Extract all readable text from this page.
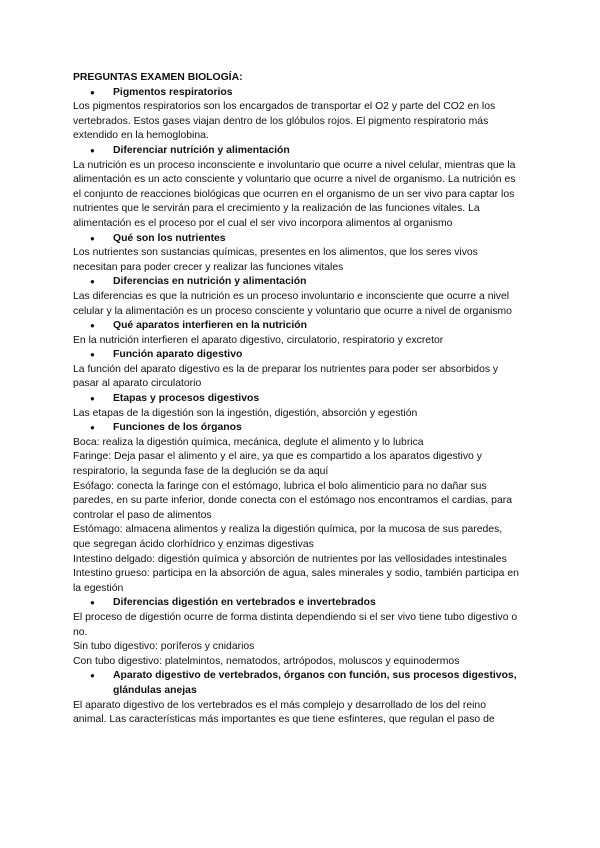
PREGUNTAS EXAMEN BIOLOGÍA:

● Pigmentos respiratorios

Los pigmentos respiratorios son los encargados de transportar el O2 y parte del CO2 en los vertebrados. Estos gases viajan dentro de los glóbulos rojos. El pigmento respiratorio más extendido en la hemoglobina.

● Diferenciar nutrición y alimentación

La nutrición es un proceso inconsciente e involuntario que ocurre a nivel celular, mientras que la alimentación es un acto consciente y voluntario que ocurre a nivel de organismo. La nutrición es el conjunto de reacciones biológicas que ocurren en el organismo de un ser vivo para captar los nutrientes que le servirán para el crecimiento y la realización de las funciones vitales. La alimentación es el proceso por el cual el ser vivo incorpora alimentos al organismo

● Qué son los nutrientes

Los nutrientes son sustancias químicas, presentes en los alimentos, que los seres vivos necesitan para poder crecer y realizar las funciones vitales

● Diferencias en nutrición y alimentación

Las diferencias es que la nutrición es un proceso involuntario e inconsciente que ocurre a nivel celular y la alimentación es un proceso consciente y voluntario que ocurre a nivel de organismo

● Qué aparatos interfieren en la nutrición

En la nutrición interfieren el aparato digestivo, circulatorio, respiratorio y excretor

● Función aparato digestivo

La función del aparato digestivo es la de preparar los nutrientes para poder ser absorbidos y pasar al aparato circulatorio

● Etapas y procesos digestivos

Las etapas de la digestión son la ingestión, digestión, absorción y egestión

● Funciones de los órganos

Boca: realiza la digestión química, mecánica, deglute el alimento y lo lubrica

Faringe: Deja pasar el alimento y el aire, ya que es compartido a los aparatos digestivo y respiratorio, la segunda fase de la deglución se da aquí

Esófago: conecta la faringe con el estómago, lubrica el bolo alimenticio para no dañar sus paredes, en su parte inferior, donde conecta con el estómago nos encontramos el cardias, para controlar el paso de alimentos

Estómago: almacena alimentos y realiza la digestión química, por la mucosa de sus paredes, que segregan ácido clorhídrico y enzimas digestivas

Intestino delgado: digestión química y absorción de nutrientes por las vellosidades intestinales

Intestino grueso: participa en la absorción de agua, sales minerales y sodio, también participa en la egestión

● Diferencias digestión en vertebrados e invertebrados

El proceso de digestión ocurre de forma distinta dependiendo si el ser vivo tiene tubo digestivo o no.

Sin tubo digestivo: poríferos y cnidarios

Con tubo digestivo: platelmintos, nematodos, artrópodos, moluscos y equinodermos

● Aparato digestivo de vertebrados, órganos con función, sus procesos digestivos, glándulas anejas

El aparato digestivo de los vertebrados es el más complejo y desarrollado de los del reino animal. Las características más importantes es que tiene esfinteres, que regulan el paso de
